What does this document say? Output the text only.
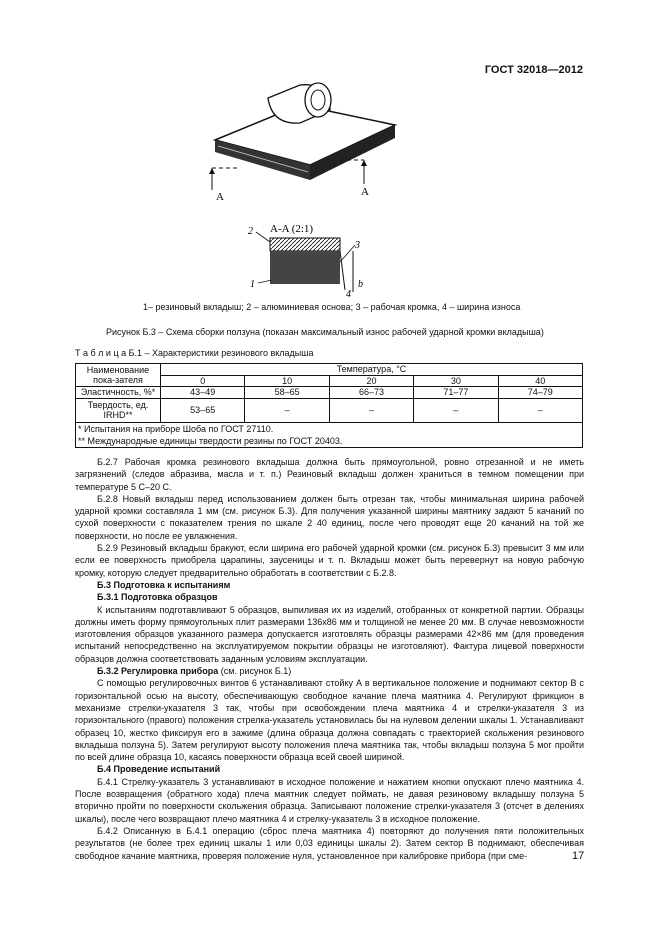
ГОСТ 32018—2012
A	A
A-A (2:1)
2
3
1
4
b
1– резиновый вкладыш; 2 – алюминиевая основа; 3 – рабочая кромка, 4 – ширина износа
Рисунок Б.3 – Схема сборки ползуна (показан максимальный износ рабочей ударной кромки вкладыша)
Т а б л и ц а Б.1 – Характеристики резинового вкладыша
Наименование пока-зателя	Температура, °С				
	0	10	20	30	40
Эластичность, %*	43–49	58–65	66–73	71–77	74–79
Твердость, ед. IRHD**	53–65	–	–	–	–

* Испытания на приборе Шоба по ГОСТ 27110.
** Международные единицы твердости резины по ГОСТ 20403.					

Б.2.7 Рабочая кромка резинового вкладыша должна быть прямоугольной, ровно отрезанной и не иметь загрязнений (следов абразива, масла и т. п.) Резиновый вкладыш должен храниться в темном помещении при температуре 5 С–20 С.

Б.2.8 Новый вкладыш перед использованием должен быть отрезан так, чтобы минимальная ширина рабочей ударной кромки составляла 1 мм (см. рисунок Б.3). Для получения указанной ширины маятнику задают 5 качаний по сухой поверхности с показателем трения по шкале 2 40 единиц, после чего проводят еще 20 качаний на той же поверхности, но после ее увлажнения.

Б.2.9 Резиновый вкладыш бракуют, если ширина его рабочей ударной кромки (см. рисунок Б.3) превысит 3 мм или если ее поверхность приобрела царапины, заусеницы и т. п. Вкладыш может быть перевернут на новую рабочую кромку, которую следует предварительно обработать в соответствии с Б.2.8.

Б.3 Подготовка к испытаниям

Б.3.1 Подготовка образцов

К испытаниям подготавливают 5 образцов, выпиливая их из изделий, отобранных от конкретной партии. Образцы должны иметь форму прямоугольных плит размерами 136х86 мм и толщиной не менее 20 мм. В случае невозможности изготовления образцов указанного размера допускается изготовлять образцы размерами 42×86 мм (для проведения испытаний непосредственно на эксплуатируемом покрытии образцы не изготовляют). Фактура лицевой поверхности образцов должна соответствовать заданным условиям эксплуатации.

Б.3.2 Регулировка прибора (см. рисунок Б.1)

С помощью регулировочных винтов 6 устанавливают стойку А в вертикальное положение и поднимают сектор В с горизонтальной осью на высоту, обеспечивающую свободное качание плеча маятника 4. Регулируют фрикцион в механизме стрелки-указателя 3 так, чтобы при освобождении плеча маятника 4 и стрелки-указателя 3 из горизонтального (правого) положения стрелка-указатель установилась бы на нулевом делении шкалы 1. Устанавливают образец 10, жестко фиксируя его в зажиме (длина образца должна совпадать с траекторией скольжения резинового вкладыша ползуна 5). Затем регулируют высоту положения плеча маятника так, чтобы вкладыш ползуна 5 мог пройти по всей длине образца 10, касаясь поверхности образца всей своей шириной.

Б.4 Проведение испытаний

Б.4.1 Стрелку-указатель 3 устанавливают в исходное положение и нажатием кнопки опускают плечо маятника 4. После возвращения (обратного хода) плеча маятник следует поймать, не давая резиновому вкладышу ползуна 5 вторично пройти по поверхности скольжения образца. Записывают положение стрелки-указателя 3 (отсчет в делениях шкалы), после чего возвращают плечо маятника 4 и стрелку-указатель 3 в исходное положение.

Б.4.2 Описанную в Б.4.1 операцию (сброс плеча маятника 4) повторяют до получения пяти положительных результатов (не более трех единиц шкалы 1 или 0,03 единицы шкалы 2). Затем сектор В поднимают, обеспечивая свободное качание маятника, проверяя положение нуля, установленное при калибровке прибора (при сме-	17
